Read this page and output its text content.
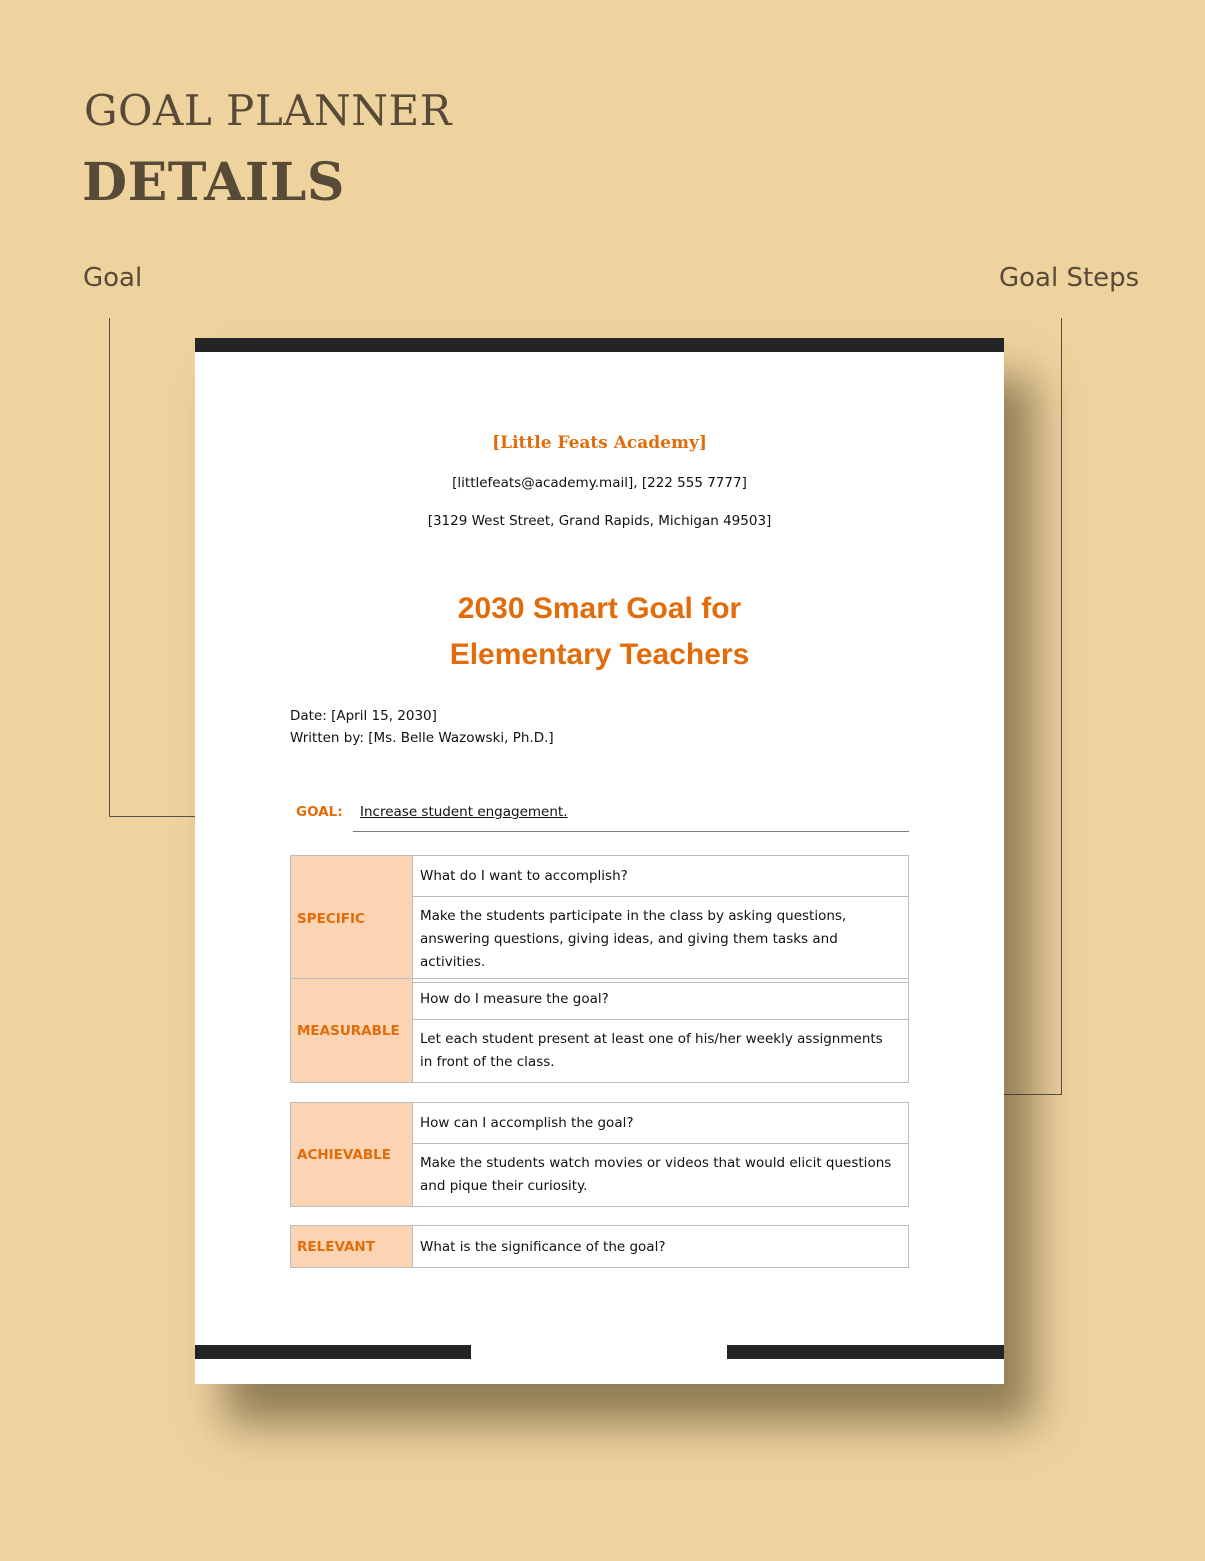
GOAL PLANNER
DETAILS
Goal	Goal Steps
[Little Feats Academy]
[littlefeats@academy.mail], [222 555 7777]
[3129 West Street, Grand Rapids, Michigan 49503]
2030 Smart Goal for
Elementary Teachers
Date: [April 15, 2030]
Written by: [Ms. Belle Wazowski, Ph.D.]
GOAL: Increase student engagement.
SPECIFIC
What do I want to accomplish?
Make the students participate in the class by asking questions, answering questions, giving ideas, and giving them tasks and activities.
MEASURABLE
How do I measure the goal?
Let each student present at least one of his/her weekly assignments in front of the class.
ACHIEVABLE
How can I accomplish the goal?
Make the students watch movies or videos that would elicit questions and pique their curiosity.
RELEVANT	What is the significance of the goal?
